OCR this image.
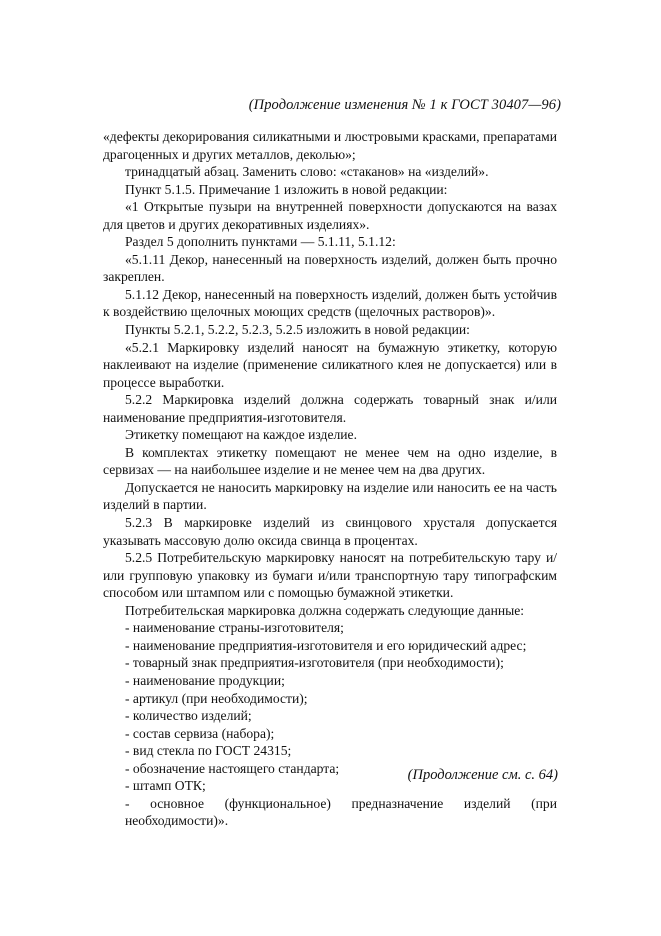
(Продолжение изменения № 1 к ГОСТ 30407—96)

«дефекты декорирования силикатными и люстровыми красками, препаратами драгоценных и других металлов, деколью»;

тринадцатый абзац. Заменить слово: «стаканов» на «изделий».

Пункт 5.1.5. Примечание 1 изложить в новой редакции:

«1 Открытые пузыри на внутренней поверхности допускаются на вазах для цветов и других декоративных изделиях».

Раздел 5 дополнить пунктами — 5.1.11, 5.1.12:

«5.1.11 Декор, нанесенный на поверхность изделий, должен быть прочно закреплен.

5.1.12 Декор, нанесенный на поверхность изделий, должен быть устойчив к воздействию щелочных моющих средств (щелочных растворов)».

Пункты 5.2.1, 5.2.2, 5.2.3, 5.2.5 изложить в новой редакции:

«5.2.1 Маркировку изделий наносят на бумажную этикетку, которую наклеивают на изделие (применение силикатного клея не допускается) или в процессе выработки.

5.2.2 Маркировка изделий должна содержать товарный знак и/или наименование предприятия-изготовителя.

Этикетку помещают на каждое изделие.

В комплектах этикетку помещают не менее чем на одно изделие, в сервизах — на наибольшее изделие и не менее чем на два других.

Допускается не наносить маркировку на изделие или наносить ее на часть изделий в партии.

5.2.3 В маркировке изделий из свинцового хрусталя допускается указывать массовую долю оксида свинца в процентах.

5.2.5 Потребительскую маркировку наносят на потребительскую тару и/или групповую упаковку из бумаги и/или транспортную тару типографским способом или штампом или с помощью бумажной этикетки.

Потребительская маркировка должна содержать следующие данные:

- наименование страны-изготовителя;

- наименование предприятия-изготовителя и его юридический адрес;

- товарный знак предприятия-изготовителя (при необходимости);

- наименование продукции;

- артикул (при необходимости);

- количество изделий;

- состав сервиза (набора);

- вид стекла по ГОСТ 24315;

- обозначение настоящего стандарта;

- штамп ОТК;

- основное (функциональное) предназначение изделий (при необходимости)».

(Продолжение см. с. 64)
